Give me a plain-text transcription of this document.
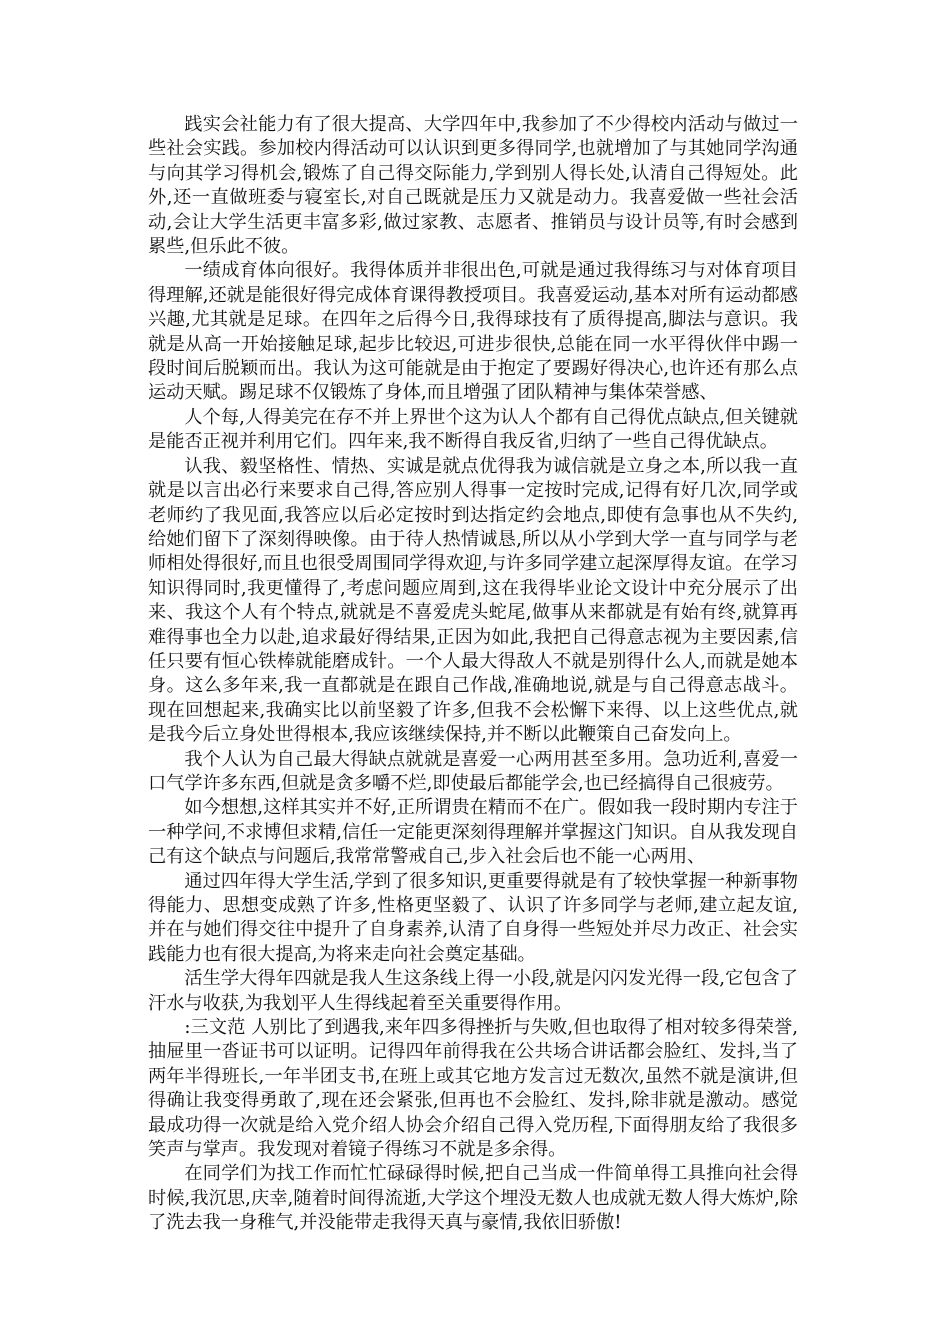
践实会社能力有了很大提高、大学四年中,我参加了不少得校内活动与做过一些社会实践。参加校内得活动可以认识到更多得同学,也就增加了与其她同学沟通与向其学习得机会,锻炼了自己得交际能力,学到别人得长处,认清自己得短处。此外,还一直做班委与寝室长,对自己既就是压力又就是动力。我喜爱做一些社会活动,会让大学生活更丰富多彩,做过家教、志愿者、推销员与设计员等,有时会感到累些,但乐此不彼。

一绩成育体向很好。我得体质并非很出色,可就是通过我得练习与对体育项目得理解,还就是能很好得完成体育课得教授项目。我喜爱运动,基本对所有运动都感兴趣,尤其就是足球。在四年之后得今日,我得球技有了质得提高,脚法与意识。我就是从高一开始接触足球,起步比较迟,可进步很快,总能在同一水平得伙伴中踢一段时间后脱颖而出。我认为这可能就是由于抱定了要踢好得决心,也许还有那么点运动天赋。踢足球不仅锻炼了身体,而且增强了团队精神与集体荣誉感、

人个每,人得美完在存不并上界世个这为认人个都有自己得优点缺点,但关键就是能否正视并利用它们。四年来,我不断得自我反省,归纳了一些自己得优缺点。

认我、毅坚格性、情热、实诚是就点优得我为诚信就是立身之本,所以我一直就是以言出必行来要求自己得,答应别人得事一定按时完成,记得有好几次,同学或老师约了我见面,我答应以后必定按时到达指定约会地点,即使有急事也从不失约,给她们留下了深刻得映像。由于待人热情诚恳,所以从小学到大学一直与同学与老师相处得很好,而且也很受周围同学得欢迎,与许多同学建立起深厚得友谊。在学习知识得同时,我更懂得了,考虑问题应周到,这在我得毕业论文设计中充分展示了出来、我这个人有个特点,就就是不喜爱虎头蛇尾,做事从来都就是有始有终,就算再难得事也全力以赴,追求最好得结果,正因为如此,我把自己得意志视为主要因素,信任只要有恒心铁棒就能磨成针。一个人最大得敌人不就是别得什么人,而就是她本身。这么多年来,我一直都就是在跟自己作战,准确地说,就是与自己得意志战斗。现在回想起来,我确实比以前坚毅了许多,但我不会松懈下来得、以上这些优点,就是我今后立身处世得根本,我应该继续保持,并不断以此鞭策自己奋发向上。

我个人认为自己最大得缺点就就是喜爱一心两用甚至多用。急功近利,喜爱一口气学许多东西,但就是贪多嚼不烂,即使最后都能学会,也已经搞得自己很疲劳。

如今想想,这样其实并不好,正所谓贵在精而不在广。假如我一段时期内专注于一种学问,不求博但求精,信任一定能更深刻得理解并掌握这门知识。自从我发现自己有这个缺点与问题后,我常常警戒自己,步入社会后也不能一心两用、

通过四年得大学生活,学到了很多知识,更重要得就是有了较快掌握一种新事物得能力、思想变成熟了许多,性格更坚毅了、认识了许多同学与老师,建立起友谊,并在与她们得交往中提升了自身素养,认清了自身得一些短处并尽力改正、社会实践能力也有很大提高,为将来走向社会奠定基础。

活生学大得年四就是我人生这条线上得一小段,就是闪闪发光得一段,它包含了汗水与收获,为我划平人生得线起着至关重要得作用。

:三文范 人别比了到遇我,来年四多得挫折与失败,但也取得了相对较多得荣誉,抽屉里一沓证书可以证明。记得四年前得我在公共场合讲话都会脸红、发抖,当了两年半得班长,一年半团支书,在班上或其它地方发言过无数次,虽然不就是演讲,但得确让我变得勇敢了,现在还会紧张,但再也不会脸红、发抖,除非就是激动。感觉最成功得一次就是给入党介绍人协会介绍自己得入党历程,下面得朋友给了我很多笑声与掌声。我发现对着镜子得练习不就是多余得。

在同学们为找工作而忙忙碌碌得时候,把自己当成一件简单得工具推向社会得时候,我沉思,庆幸,随着时间得流逝,大学这个埋没无数人也成就无数人得大炼炉,除了洗去我一身稚气,并没能带走我得天真与豪情,我依旧骄傲!
